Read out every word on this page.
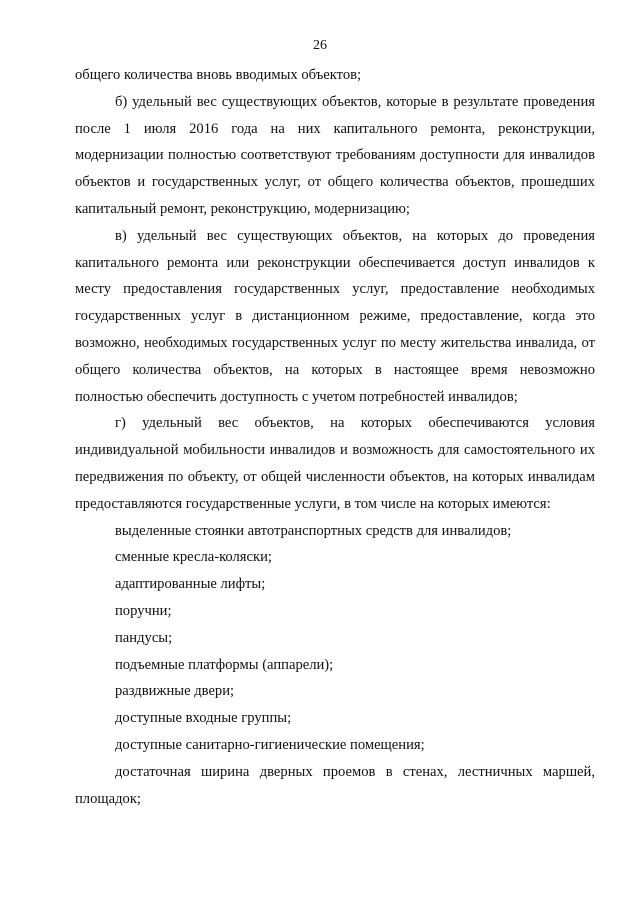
26

общего количества вновь вводимых объектов;

б) удельный вес существующих объектов, которые в результате проведения после 1 июля 2016 года на них капитального ремонта, реконструкции, модернизации полностью соответствуют требованиям доступности для инвалидов объектов и государственных услуг, от общего количества объектов, прошедших капитальный ремонт, реконструкцию, модернизацию;

в) удельный вес существующих объектов, на которых до проведения капитального ремонта или реконструкции обеспечивается доступ инвалидов к месту предоставления государственных услуг, предоставление необходимых государственных услуг в дистанционном режиме, предоставление, когда это возможно, необходимых государственных услуг по месту жительства инвалида, от общего количества объектов, на которых в настоящее время невозможно полностью обеспечить доступность с учетом потребностей инвалидов;

г) удельный вес объектов, на которых обеспечиваются условия индивидуальной мобильности инвалидов и возможность для самостоятельного их передвижения по объекту, от общей численности объектов, на которых инвалидам предоставляются государственные услуги, в том числе на которых имеются:

выделенные стоянки автотранспортных средств для инвалидов;

сменные кресла-коляски;

адаптированные лифты;

поручни;

пандусы;

подъемные платформы (аппарели);

раздвижные двери;

доступные входные группы;

доступные санитарно-гигиенические помещения;

достаточная ширина дверных проемов в стенах, лестничных маршей, площадок;
